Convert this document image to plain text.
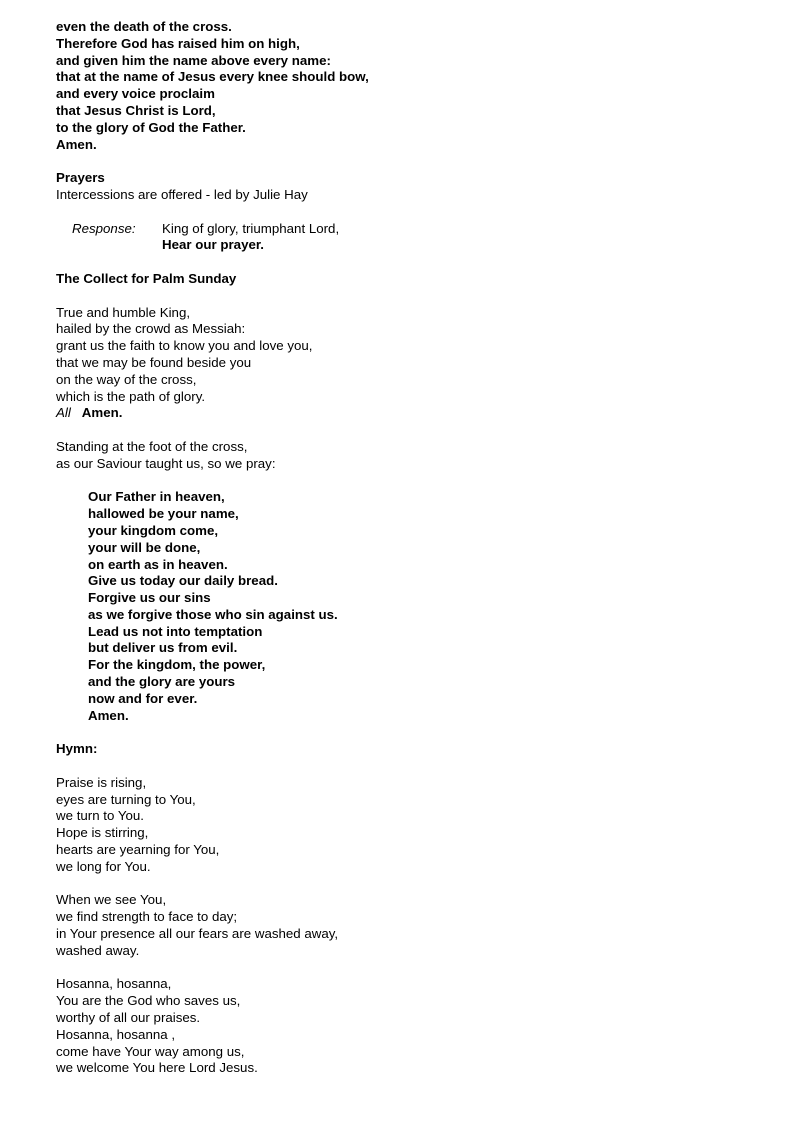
even the death of the cross.
Therefore God has raised him on high,
and given him the name above every name:
that at the name of Jesus every knee should bow,
and every voice proclaim
that Jesus Christ is Lord,
to the glory of God the Father.
Amen.
Prayers
Intercessions are offered - led by Julie Hay
Response:	King of glory, triumphant Lord,
Hear our prayer.
The Collect for Palm Sunday
True and humble King,
hailed by the crowd as Messiah:
grant us the faith to know you and love you,
that we may be found beside you
on the way of the cross,
which is the path of glory.
All Amen.
Standing at the foot of the cross,
as our Saviour taught us, so we pray:
Our Father in heaven,
hallowed be your name,
your kingdom come,
your will be done,
on earth as in heaven.
Give us today our daily bread.
Forgive us our sins
as we forgive those who sin against us.
Lead us not into temptation
but deliver us from evil.
For the kingdom, the power,
and the glory are yours
now and for ever.
Amen.
Hymn:
Praise is rising,
eyes are turning to You,
we turn to You.
Hope is stirring,
hearts are yearning for You,
we long for You.
When we see You,
we find strength to face to day;
in Your presence all our fears are washed away,
washed away.
Hosanna, hosanna,
You are the God who saves us,
worthy of all our praises.
Hosanna, hosanna ,
come have Your way among us,
we welcome You here Lord Jesus.
